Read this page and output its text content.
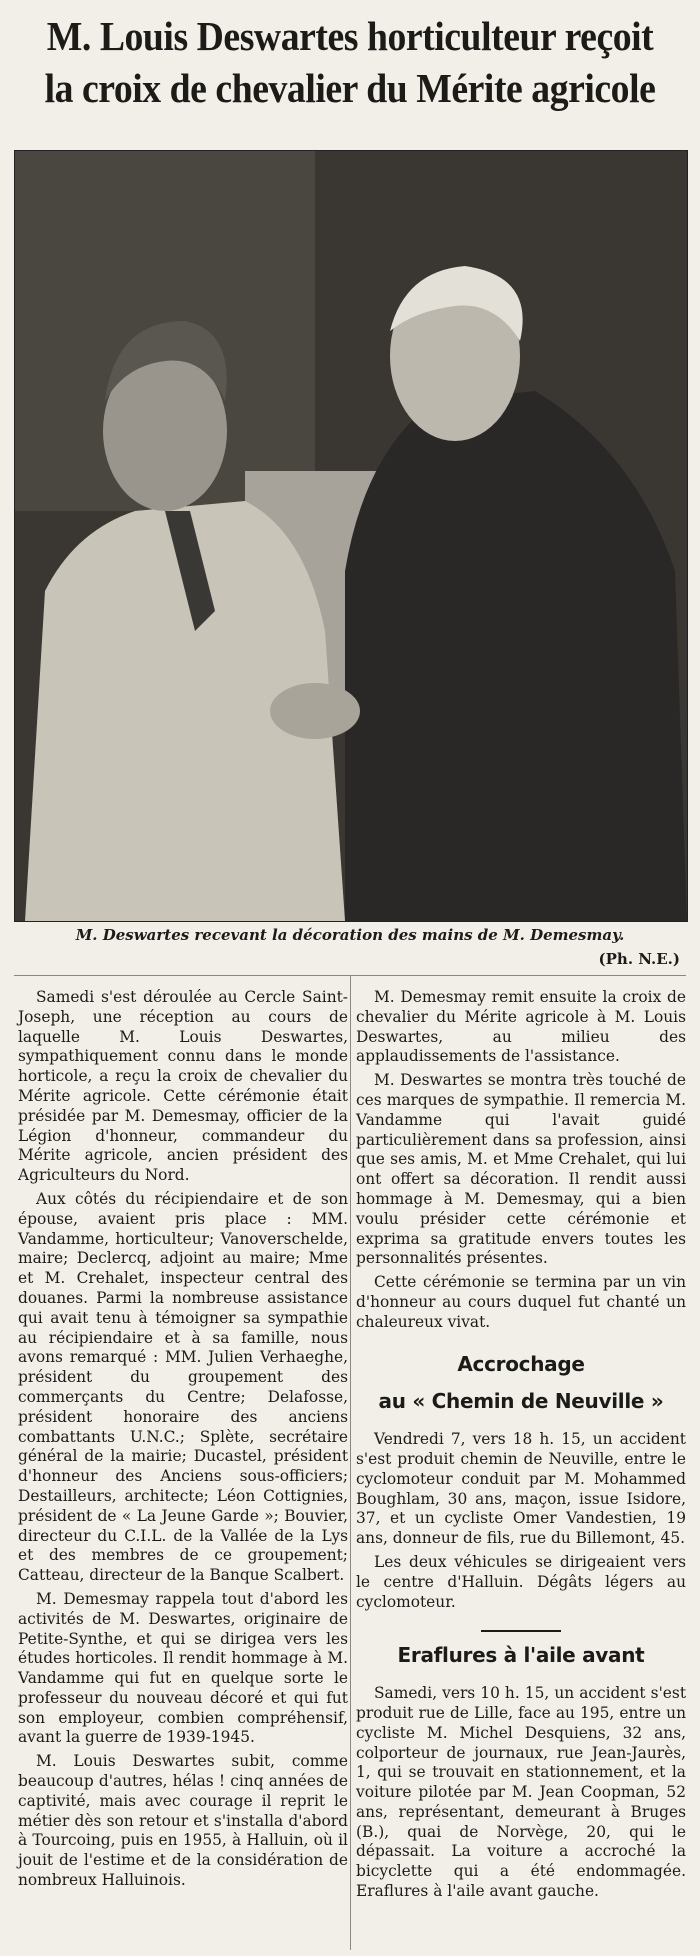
M. Louis Deswartes horticulteur reçoit
la croix de chevalier du Mérite agricole
M. Deswartes recevant la décoration des mains de M. Demesmay.
(Ph. N.E.)

Samedi s'est déroulée au Cercle Saint-Joseph, une réception au cours de laquelle M. Louis Deswartes, sympathiquement connu dans le monde horticole, a reçu la croix de chevalier du Mérite agricole. Cette cérémonie était présidée par M. Demesmay, officier de la Légion d'honneur, commandeur du Mérite agricole, ancien président des Agriculteurs du Nord.

Aux côtés du récipiendaire et de son épouse, avaient pris place : MM. Vandamme, horticulteur; Vanoverschelde, maire; Declercq, adjoint au maire; Mme et M. Crehalet, inspecteur central des douanes. Parmi la nombreuse assistance qui avait tenu à témoigner sa sympathie au récipiendaire et à sa famille, nous avons remarqué : MM. Julien Verhaeghe, président du groupement des commerçants du Centre; Delafosse, président honoraire des anciens combattants U.N.C.; Splète, secrétaire général de la mairie; Ducastel, président d'honneur des Anciens sous-officiers; Destailleurs, architecte; Léon Cottignies, président de « La Jeune Garde »; Bouvier, directeur du C.I.L. de la Vallée de la Lys et des membres de ce groupement; Catteau, directeur de la Banque Scalbert.

M. Demesmay rappela tout d'abord les activités de M. Deswartes, originaire de Petite-Synthe, et qui se dirigea vers les études horticoles. Il rendit hommage à M. Vandamme qui fut en quelque sorte le professeur du nouveau décoré et qui fut son employeur, combien compréhensif, avant la guerre de 1939-1945.

M. Louis Deswartes subit, comme beaucoup d'autres, hélas ! cinq années de captivité, mais avec courage il reprit le métier dès son retour et s'installa d'abord à Tourcoing, puis en 1955, à Halluin, où il jouit de l'estime et de la considération de nombreux Halluinois.

M. Demesmay remit ensuite la croix de chevalier du Mérite agricole à M. Louis Deswartes, au milieu des applaudissements de l'assistance.

M. Deswartes se montra très touché de ces marques de sympathie. Il remercia M. Vandamme qui l'avait guidé particulièrement dans sa profession, ainsi que ses amis, M. et Mme Crehalet, qui lui ont offert sa décoration. Il rendit aussi hommage à M. Demesmay, qui a bien voulu présider cette cérémonie et exprima sa gratitude envers toutes les personnalités présentes.

Cette cérémonie se termina par un vin d'honneur au cours duquel fut chanté un chaleureux vivat.

Accrochage
au « Chemin de Neuville »

Vendredi 7, vers 18 h. 15, un accident s'est produit chemin de Neuville, entre le cyclomoteur conduit par M. Mohammed Boughlam, 30 ans, maçon, issue Isidore, 37, et un cycliste Omer Vandestien, 19 ans, donneur de fils, rue du Billemont, 45.

Les deux véhicules se dirigeaient vers le centre d'Halluin. Dégâts légers au cyclomoteur.

Eraflures à l'aile avant

Samedi, vers 10 h. 15, un accident s'est produit rue de Lille, face au 195, entre un cycliste M. Michel Desquiens, 32 ans, colporteur de journaux, rue Jean-Jaurès, 1, qui se trouvait en stationnement, et la voiture pilotée par M. Jean Coopman, 52 ans, représentant, demeurant à Bruges (B.), quai de Norvège, 20, qui le dépassait. La voiture a accroché la bicyclette qui a été endommagée. Eraflures à l'aile avant gauche.
